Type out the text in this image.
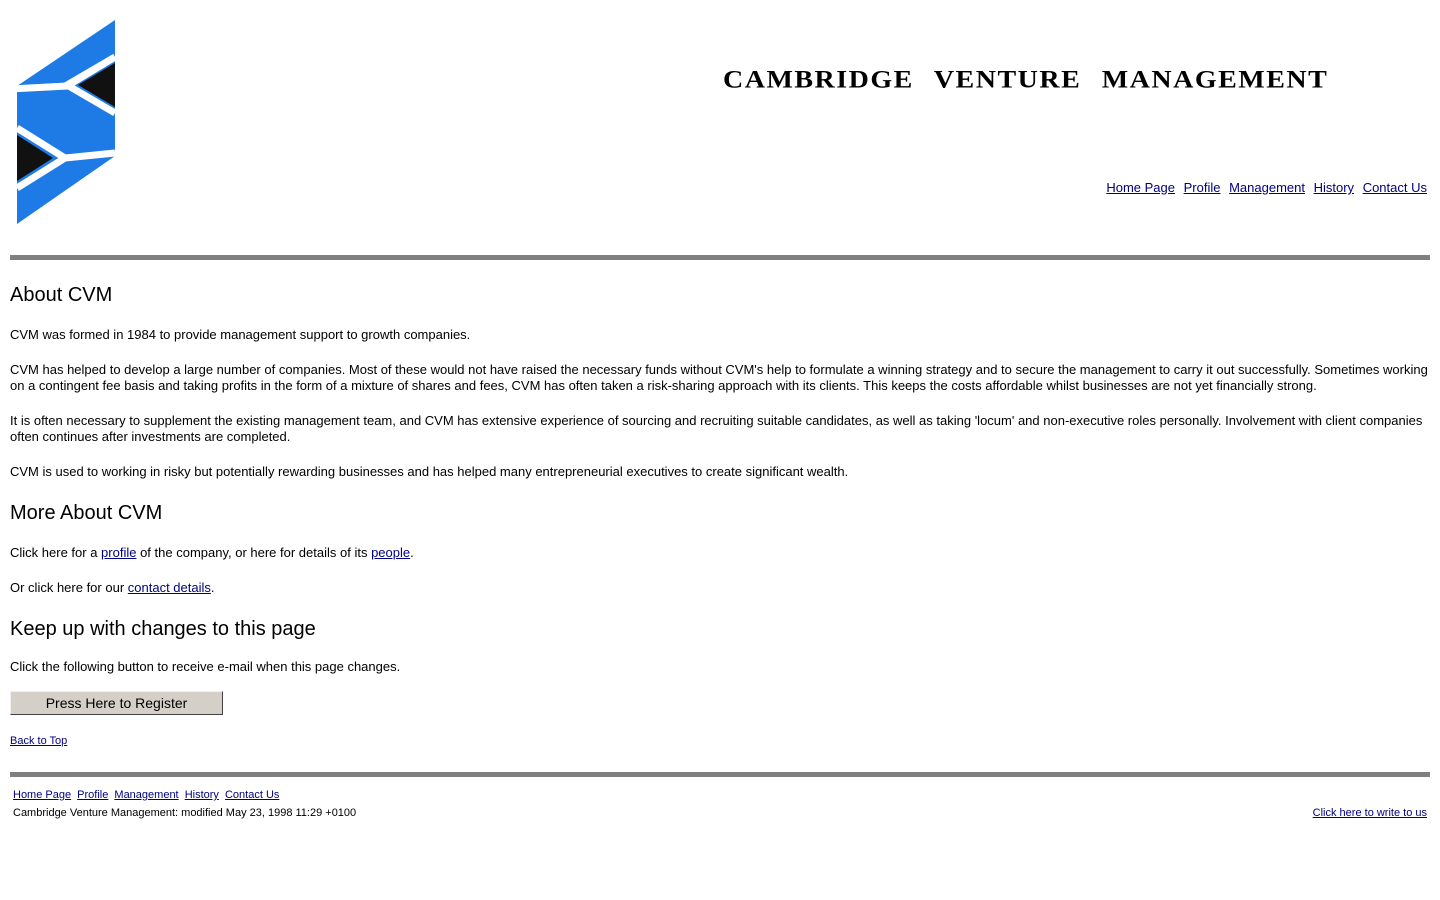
CAMBRIDGE VENTURE MANAGEMENT
Home Page Profile Management History Contact Us
About CVM

CVM was formed in 1984 to provide management support to growth companies.

CVM has helped to develop a large number of companies. Most of these would not have raised the necessary funds without CVM's help to formulate a winning strategy and to secure the management to carry it out successfully. Sometimes working on a contingent fee basis and taking profits in the form of a mixture of shares and fees, CVM has often taken a risk-sharing approach with its clients. This keeps the costs affordable whilst businesses are not yet financially strong.

It is often necessary to supplement the existing management team, and CVM has extensive experience of sourcing and recruiting suitable candidates, as well as taking 'locum' and non-executive roles personally. Involvement with client companies often continues after investments are completed.

CVM is used to working in risky but potentially rewarding businesses and has helped many entrepreneurial executives to create significant wealth.

More About CVM

Click here for a profile of the company, or here for details of its people.

Or click here for our contact details.

Keep up with changes to this page

Click the following button to receive e-mail when this page changes.

Press Here to Register
Back to Top
Home Page Profile Management History Contact Us
Cambridge Venture Management: modified May 23, 1998 11:29 +0100	Click here to write to us
